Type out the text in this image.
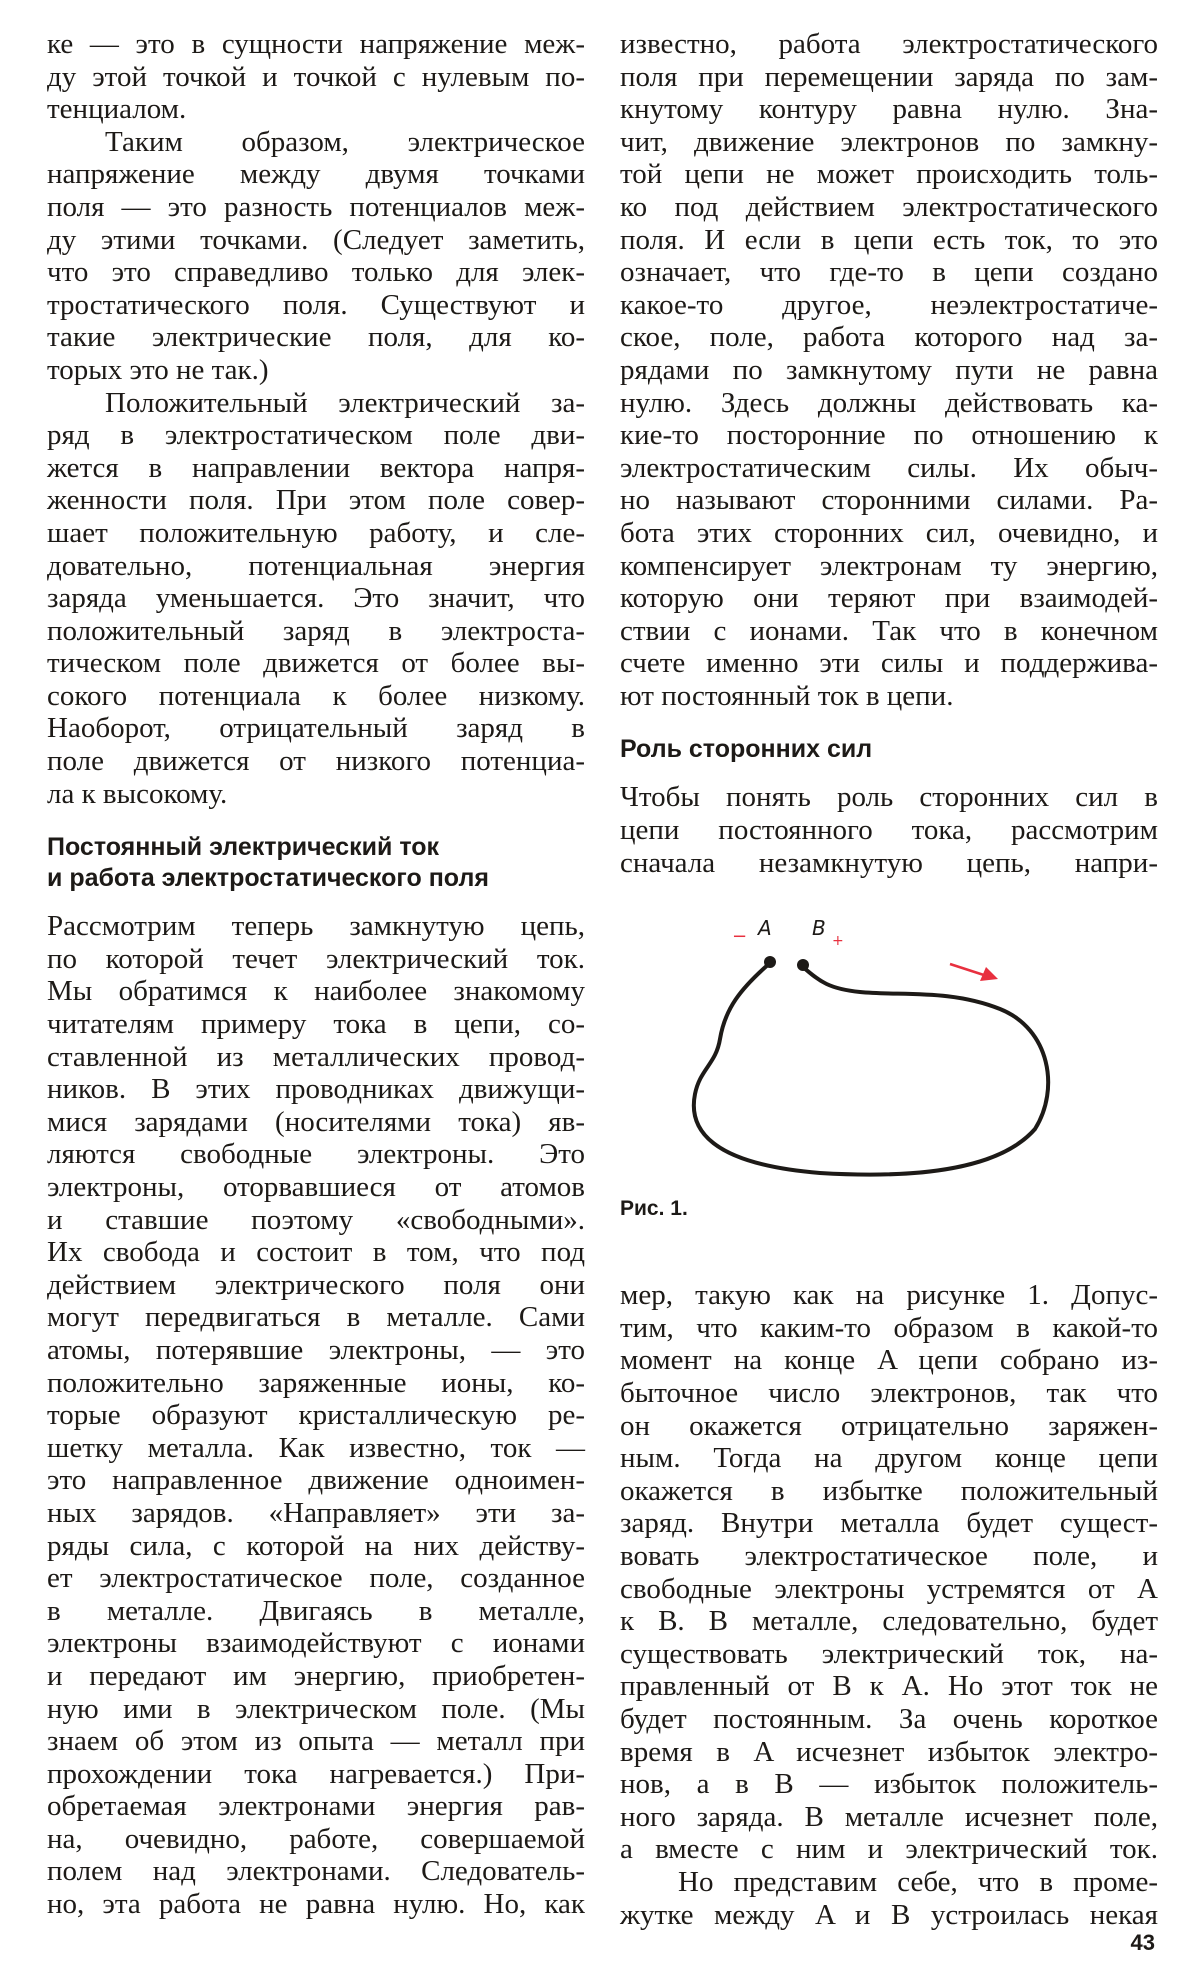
ке — это в сущности напряжение меж-
ду этой точкой и точкой с нулевым по-
тенциалом.
Таким образом, электрическое
напряжение между двумя точками
поля — это разность потенциалов меж-
ду этими точками. (Следует заметить,
что это справедливо только для элек-
тростатического поля. Существуют и
такие электрические поля, для ко-
торых это не так.)
Положительный электрический за-
ряд в электростатическом поле дви-
жется в направлении вектора напря-
женности поля. При этом поле совер-
шает положительную работу, и сле-
довательно, потенциальная энергия
заряда уменьшается. Это значит, что
положительный заряд в электроста-
тическом поле движется от более вы-
сокого потенциала к более низкому.
Наоборот, отрицательный заряд в
поле движется от низкого потенциа-
ла к высокому.
Постоянный электрический ток
и работа электростатического поля
Рассмотрим теперь замкнутую цепь,
по которой течет электрический ток.
Мы обратимся к наиболее знакомому
читателям примеру тока в цепи, со-
ставленной из металлических провод-
ников. В этих проводниках движущи-
мися зарядами (носителями тока) яв-
ляются свободные электроны. Это
электроны, оторвавшиеся от атомов
и ставшие поэтому «свободными».
Их свобода и состоит в том, что под
действием электрического поля они
могут передвигаться в металле. Сами
атомы, потерявшие электроны, — это
положительно заряженные ионы, ко-
торые образуют кристаллическую ре-
шетку металла. Как известно, ток —
это направленное движение одноимен-
ных зарядов. «Направляет» эти за-
ряды сила, с которой на них действу-
ет электростатическое поле, созданное
в металле. Двигаясь в металле,
электроны взаимодействуют с ионами
и передают им энергию, приобретен-
ную ими в электрическом поле. (Мы
знаем об этом из опыта — металл при
прохождении тока нагревается.) При-
обретаемая электронами энергия рав-
на, очевидно, работе, совершаемой
полем над электронами. Следователь-
но, эта работа не равна нулю. Но, как
известно, работа электростатического
поля при перемещении заряда по зам-
кнутому контуру равна нулю. Зна-
чит, движение электронов по замкну-
той цепи не может происходить толь-
ко под действием электростатического
поля. И если в цепи есть ток, то это
означает, что где-то в цепи создано
какое-то другое, неэлектростатиче-
ское, поле, работа которого над за-
рядами по замкнутому пути не равна
нулю. Здесь должны действовать ка-
кие-то посторонние по отношению к
электростатическим силы. Их обыч-
но называют сторонними силами. Ра-
бота этих сторонних сил, очевидно, и
компенсирует электронам ту энергию,
которую они теряют при взаимодей-
ствии с ионами. Так что в конечном
счете именно эти силы и поддержива-
ют постоянный ток в цепи.
Роль сторонних сил
Чтобы понять роль сторонних сил в
цепи постоянного тока, рассмотрим
сначала незамкнутую цепь, напри-
A B
−	+
Рис. 1.
мер, такую как на рисунке 1. Допус-
тим, что каким-то образом в какой-то
момент на конце A цепи собрано из-
быточное число электронов, так что
он окажется отрицательно заряжен-
ным. Тогда на другом конце цепи
окажется в избытке положительный
заряд. Внутри металла будет сущест-
вовать электростатическое поле, и
свободные электроны устремятся от A
к B. В металле, следовательно, будет
существовать электрический ток, на-
правленный от B к A. Но этот ток не
будет постоянным. За очень короткое
время в A исчезнет избыток электро-
нов, а в B — избыток положитель-
ного заряда. В металле исчезнет поле,
а вместе с ним и электрический ток.
Но представим себе, что в проме-
жутке между A и B устроилась некая
43
